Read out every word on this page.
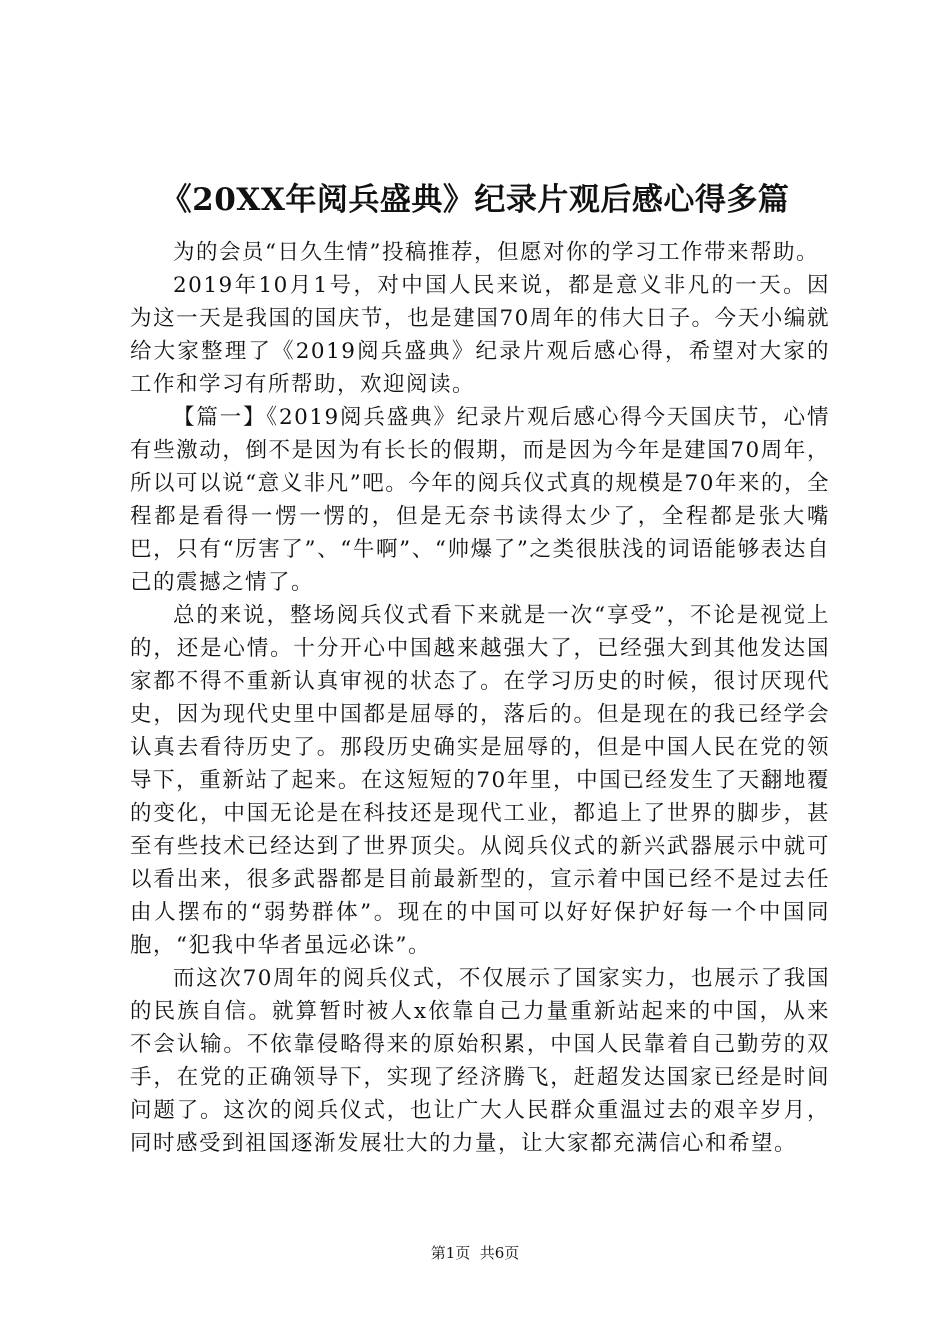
《20XX年阅兵盛典》纪录片观后感心得多篇

为的会员“日久生情”投稿推荐，但愿对你的学习工作带来帮助。

2019年10月1号，对中国人民来说，都是意义非凡的一天。因为这一天是我国的国庆节，也是建国70周年的伟大日子。今天小编就给大家整理了《2019阅兵盛典》纪录片观后感心得，希望对大家的工作和学习有所帮助，欢迎阅读。

【篇一】《2019阅兵盛典》纪录片观后感心得今天国庆节，心情有些激动，倒不是因为有长长的假期，而是因为今年是建国70周年，所以可以说“意义非凡”吧。今年的阅兵仪式真的规模是70年来的，全程都是看得一愣一愣的，但是无奈书读得太少了，全程都是张大嘴巴，只有“厉害了”、“牛啊”、“帅爆了”之类很肤浅的词语能够表达自己的震撼之情了。

总的来说，整场阅兵仪式看下来就是一次“享受”，不论是视觉上的，还是心情。十分开心中国越来越强大了，已经强大到其他发达国家都不得不重新认真审视的状态了。在学习历史的时候，很讨厌现代史，因为现代史里中国都是屈辱的，落后的。但是现在的我已经学会认真去看待历史了。那段历史确实是屈辱的，但是中国人民在党的领导下，重新站了起来。在这短短的70年里，中国已经发生了天翻地覆的变化，中国无论是在科技还是现代工业，都追上了世界的脚步，甚至有些技术已经达到了世界顶尖。从阅兵仪式的新兴武器展示中就可以看出来，很多武器都是目前最新型的，宣示着中国已经不是过去任由人摆布的“弱势群体”。现在的中国可以好好保护好每一个中国同胞，“犯我中华者虽远必诛”。

而这次70周年的阅兵仪式，不仅展示了国家实力，也展示了我国的民族自信。就算暂时被人x依靠自己力量重新站起来的中国，从来不会认输。不依靠侵略得来的原始积累，中国人民靠着自己勤劳的双手，在党的正确领导下，实现了经济腾飞，赶超发达国家已经是时间问题了。这次的阅兵仪式，也让广大人民群众重温过去的艰辛岁月，同时感受到祖国逐渐发展壮大的力量，让大家都充满信心和希望。

第1页  共6页
